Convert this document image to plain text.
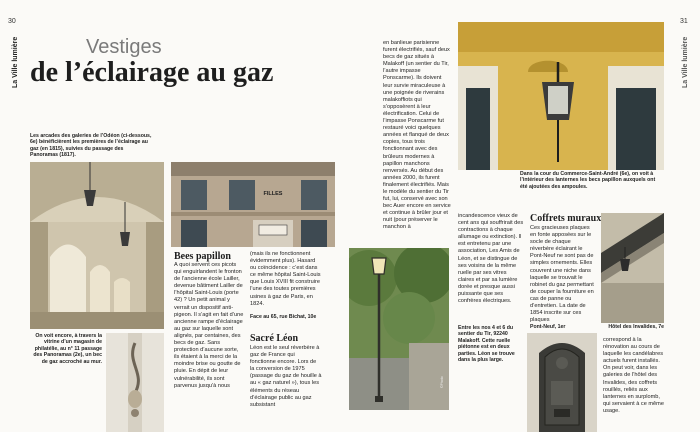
30
La Ville lumière	Vestiges
de l’éclairage au gaz
Les arcades des galeries de l’Odéon (ci-dessous, 6e) bénéficièrent les premières de l’éclairage au gaz (en 1815), suivies du passage des Panoramas (1817).
On voit encore, à travers la vitrine d’un magasin de philatélie, au n° 11 passage des Panoramas (2e), un bec de gaz accroché au mur.
FILLES
Bees papillon
À quoi servent ces picots qui enguirlandent le fronton de l’ancienne école Lailler, devenue bâtiment Lailler de l’hôpital Saint-Louis (porte 42) ? Un petit animal y verrait un dispositif anti-pigeon. Il s’agit en fait d’une ancienne rampe d’éclairage au gaz sur laquelle sont alignés, par centaines, des becs de gaz. Sans protection d’aucune sorte, ils étaient à la merci de la moindre brise ou goutte de pluie. En dépit de leur vulnérabilité, ils sont parvenus jusqu’à nous
(mais ils ne fonctionnent évidemment plus). Hasard ou coïncidence : c’est dans ce même hôpital Saint-Louis que Louis XVIII fit construire l’une des toutes premières usines à gaz de Paris, en 1824.
Face au 65, rue Bichat, 10e
Sacré Léon
Léon est le seul réverbère à gaz de France qui fonctionne encore. Lors de la conversion de 1975 (passage du gaz de houille à au « gaz naturel »), tous les éléments du réseau d’éclairage public au gaz subsistant
©Photo
31
La Ville lumière
en banlieue parisienne furent électrifiés, sauf deux becs de gaz situés à Malakoff (un sentier du Tir, l’autre impasse Ponscarme). Ils doivent leur survie miraculeuse à une poignée de riverains malakoffiots qui s’opposèrent à leur électrification. Celui de l’impasse Ponscarme fut restauré voici quelques années et flanqué de deux copies, tous trois fonctionnant avec des brûleurs modernes à papillon manchons renversés. Au début des années 2000, ils furent finalement électrifiés. Mais le modèle du sentier du Tir fut, lui, conservé avec son bec Auer encore en service et continue à brûler jour et nuit (pour préserver le manchon à
Dans la cour du Commerce-Saint-André (6e), on voit à l’intérieur des lanternes les becs papillon auxquels ont été ajoutées des ampoules.
incandescence vieux de cent ans qui souffrirait des contractions à chaque allumage ou extinction). Il est entretenu par une association, Les Amis de Léon, et se distingue de ses voisins de la même ruelle par ses vitres claires et par sa lumière dorée et presque aussi puissante que ses confrères électriques.
Entre les nos 4 et 6 du sentier du Tir, 92240 Malakoff. Cette ruelle piétonne est en deux parties. Léon se trouve dans la plus large.
Coffrets muraux
Ces gracieuses plaques en fonte apposées sur le socle de chaque réverbère éclairant le Pont-Neuf ne sont pas de simples ornements. Elles couvrent une niche dans laquelle se trouvait le robinet du gaz permettant de couper la fourniture en cas de panne ou d’entretien. La date de 1854 inscrite sur ces plaques
Pont-Neuf, 1er	Hôtel des Invalides, 7e
correspond à la rénovation au cours de laquelle les candélabres actuels furent installés. On peut voir, dans les galeries de l’hôtel des Invalides, des coffrets rouillés, reliés aux lanternes en surplomb, qui servaient à ce même usage.
